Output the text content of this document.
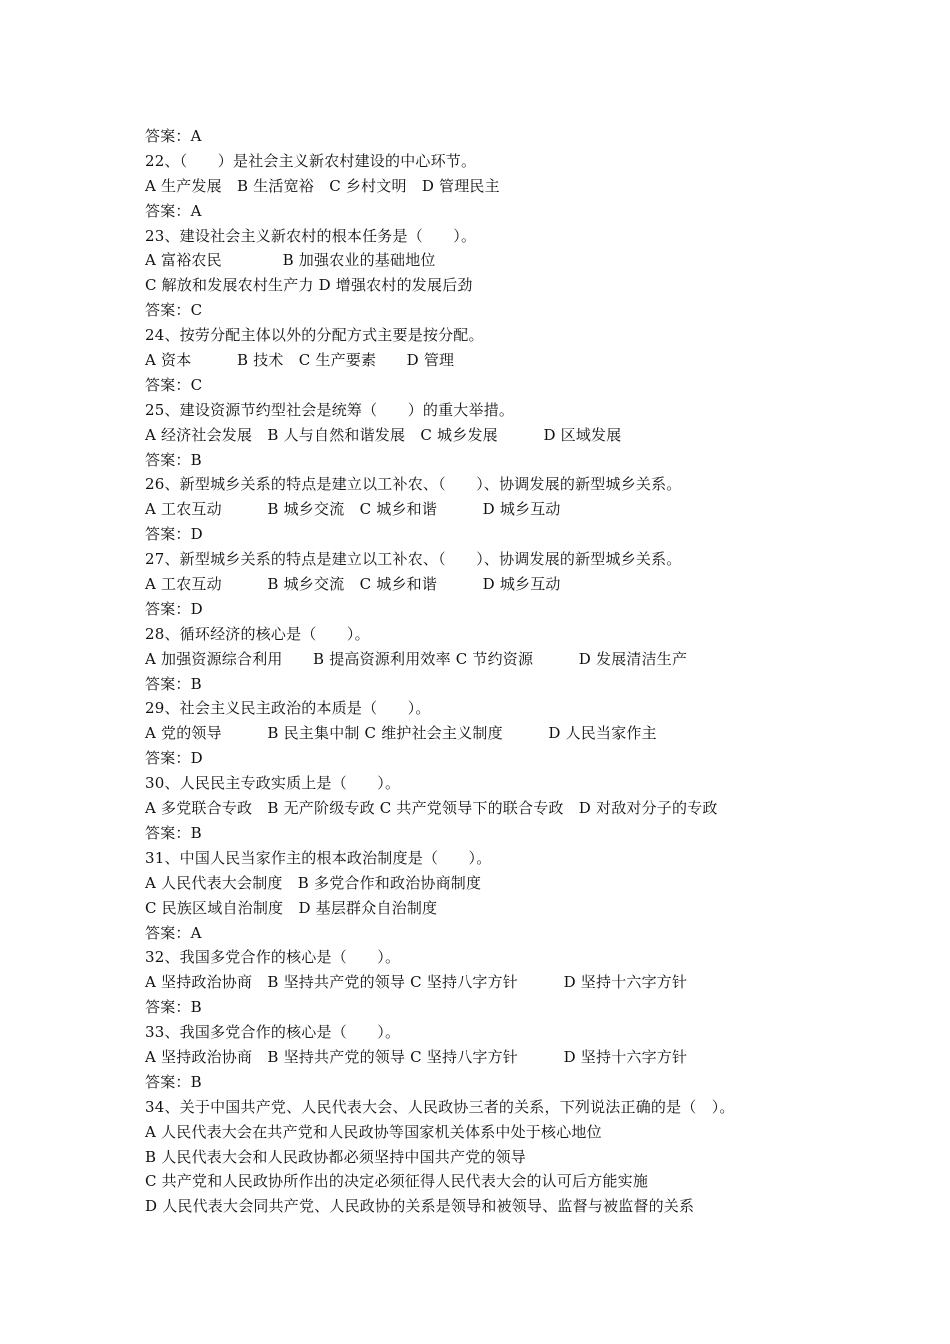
答案：A
22、（　　）是社会主义新农村建设的中心环节。
A 生产发展　B 生活宽裕　C 乡村文明　D 管理民主
答案：A
23、建设社会主义新农村的根本任务是（　　）。
A 富裕农民　　　　B 加强农业的基础地位
C 解放和发展农村生产力 D 增强农村的发展后劲
答案：C
24、按劳分配主体以外的分配方式主要是按分配。
A 资本　　　B 技术　C 生产要素　　D 管理
答案：C
25、建设资源节约型社会是统筹（　　）的重大举措。
A 经济社会发展　B 人与自然和谐发展　C 城乡发展　　　D 区域发展
答案：B
26、新型城乡关系的特点是建立以工补农、（　　）、协调发展的新型城乡关系。
A 工农互动　　　B 城乡交流　C 城乡和谐　　　D 城乡互动
答案：D
27、新型城乡关系的特点是建立以工补农、（　　）、协调发展的新型城乡关系。
A 工农互动　　　B 城乡交流　C 城乡和谐　　　D 城乡互动
答案：D
28、循环经济的核心是（　　）。
A 加强资源综合利用　　B 提高资源利用效率 C 节约资源　　　D 发展清洁生产
答案：B
29、社会主义民主政治的本质是（　　）。
A 党的领导　　　B 民主集中制 C 维护社会主义制度　　　D 人民当家作主
答案：D
30、人民民主专政实质上是（　　）。
A 多党联合专政　B 无产阶级专政 C 共产党领导下的联合专政　D 对敌对分子的专政
答案：B
31、中国人民当家作主的根本政治制度是（　　）。
A 人民代表大会制度　B 多党合作和政治协商制度
C 民族区域自治制度　D 基层群众自治制度
答案：A
32、我国多党合作的核心是（　　）。
A 坚持政治协商　B 坚持共产党的领导 C 坚持八字方针　　　D 坚持十六字方针
答案：B
33、我国多党合作的核心是（　　）。
A 坚持政治协商　B 坚持共产党的领导 C 坚持八字方针　　　D 坚持十六字方针
答案：B
34、关于中国共产党、人民代表大会、人民政协三者的关系，下列说法正确的是（　）。
A 人民代表大会在共产党和人民政协等国家机关体系中处于核心地位
B 人民代表大会和人民政协都必须坚持中国共产党的领导
C 共产党和人民政协所作出的决定必须征得人民代表大会的认可后方能实施
D 人民代表大会同共产党、人民政协的关系是领导和被领导、监督与被监督的关系
